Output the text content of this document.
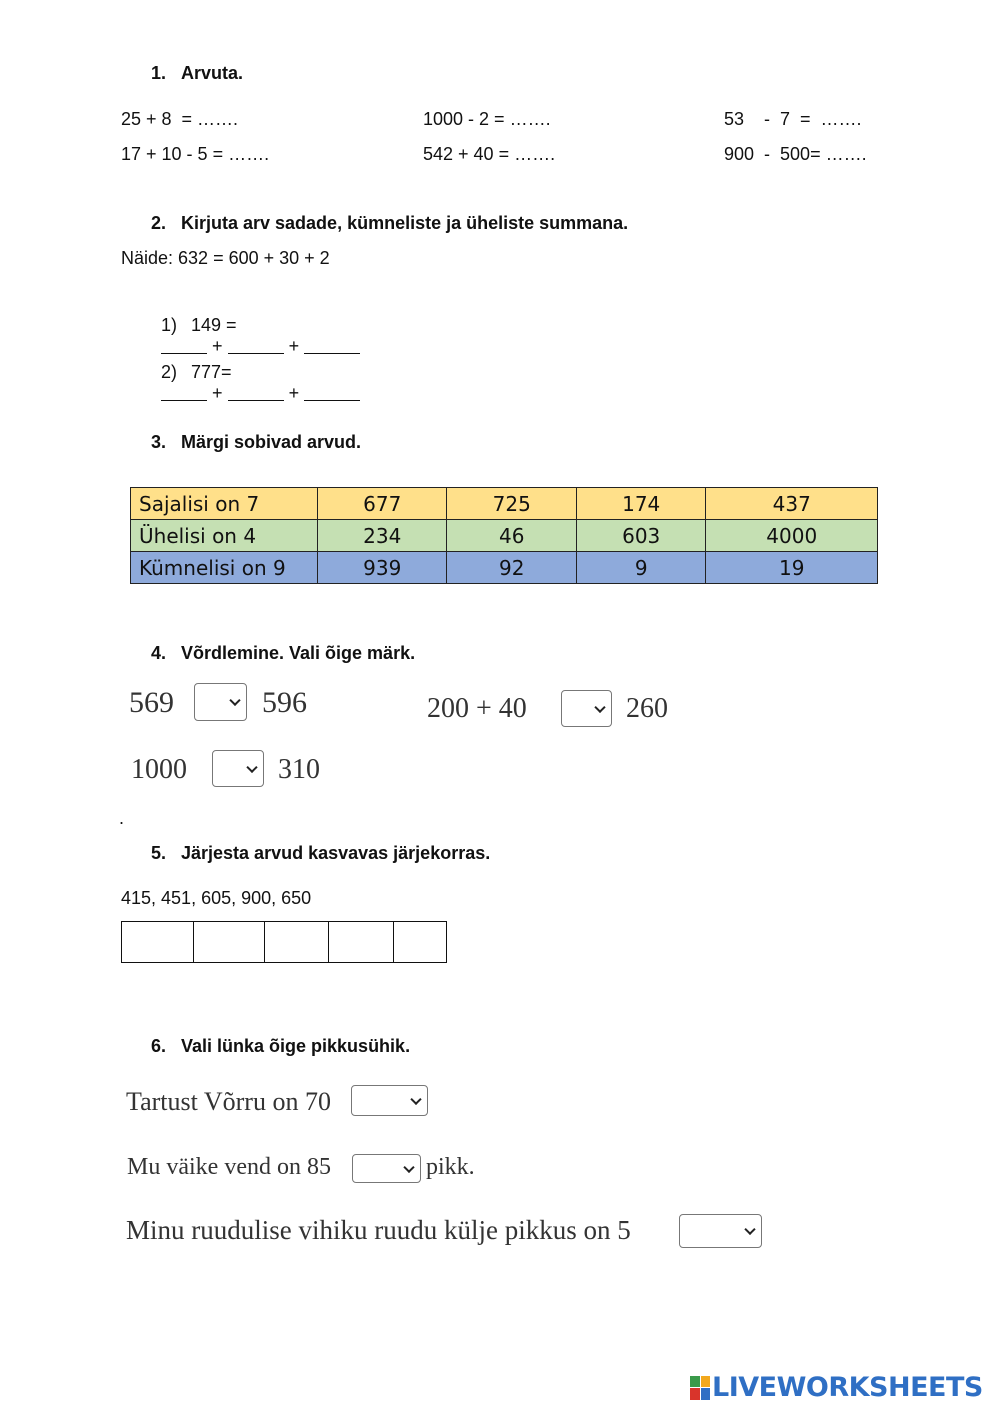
1. Arvuta.
25 + 8  = …….	1000 - 2 = …….	53    -  7  =  …….
17 + 10 - 5 = …….	542 + 40 = …….	900  -  500= …….
2. Kirjuta arv sadade, kümneliste ja üheliste summana.
Näide: 632 = 600 + 30 + 2

1) 149 =
+	+

2) 777=
+	+

3. Märgi sobivad arvud.
Sajalisi on 7	677	725	174	437
Ühelisi on 4	234	46	603	4000
Kümnelisi on 9	939	92	9	19
4. Võrdlemine. Vali õige märk.
569	596	200 + 40	260
1000	310
.
5. Järjesta arvud kasvavas järjekorras.
415, 451, 605, 900, 650
6. Vali lünka õige pikkusühik.
Tartust Võrru on 70
Mu väike vend on 85	pikk.
Minu ruudulise vihiku ruudu külje pikkus on 5
LIVEWORKSHEETS
